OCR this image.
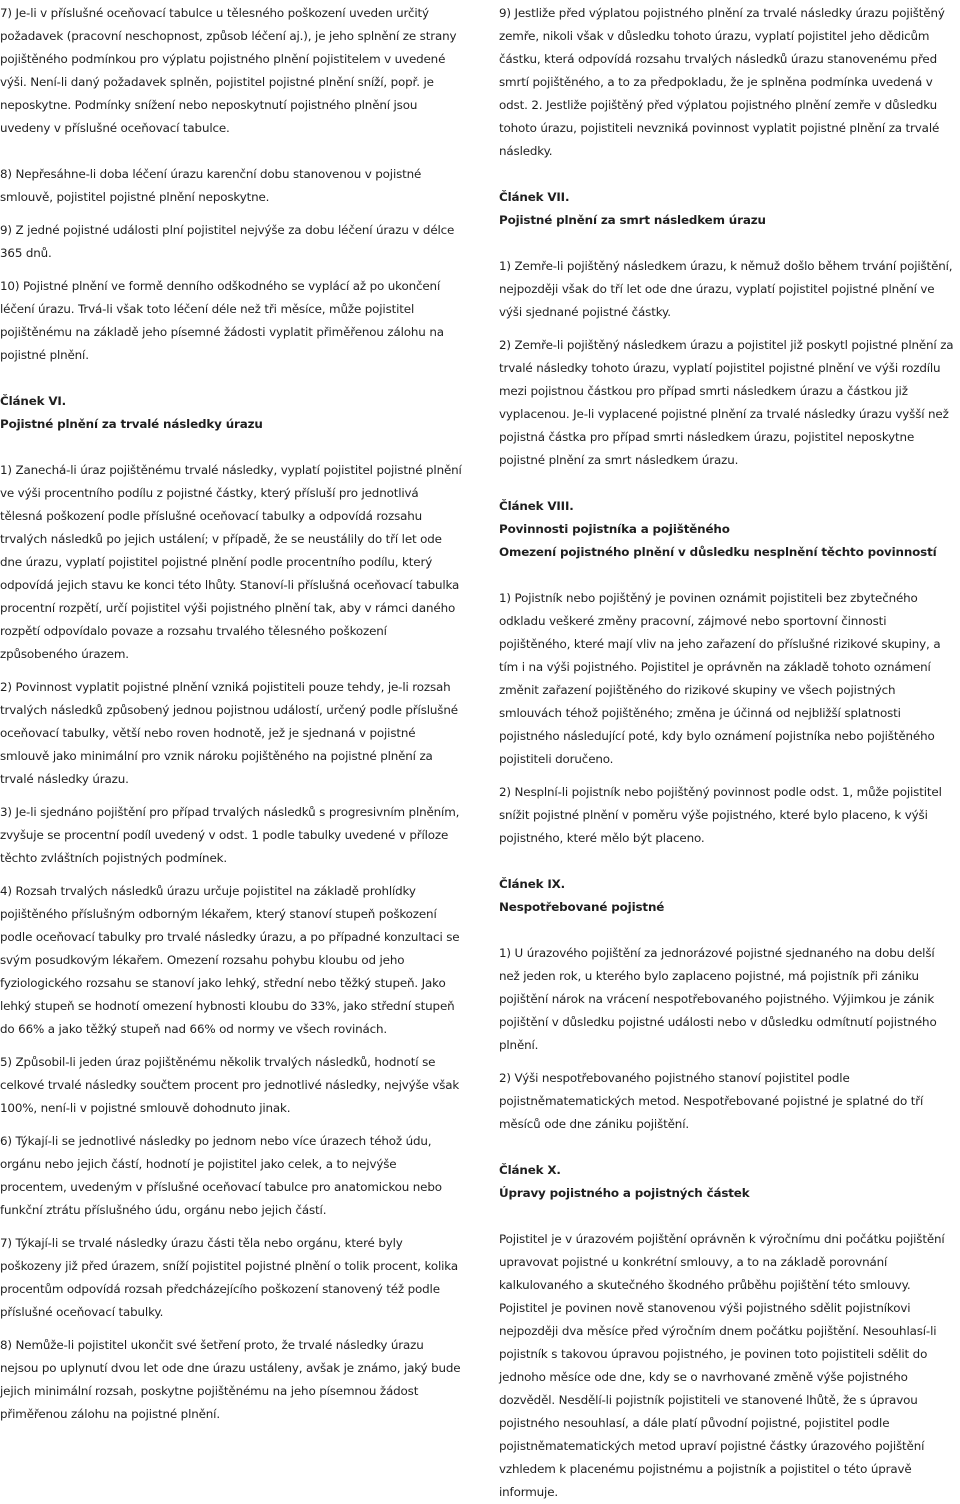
7) Je-li v příslušné oceňovací tabulce u tělesného poškození uveden určitý požadavek (pracovní neschopnost, způsob léčení aj.), je jeho splnění ze strany pojištěného podmínkou pro výplatu pojistného plnění pojistitelem v uvedené výši. Není-li daný požadavek splněn, pojistitel pojistné plnění sníží, popř. je neposkytne. Podmínky snížení nebo neposkytnutí pojistného plnění jsou uvedeny v příslušné oceňovací tabulce.

8) Nepřesáhne-li doba léčení úrazu karenční dobu stanovenou v pojistné smlouvě, pojistitel pojistné plnění neposkytne.

9) Z jedné pojistné události plní pojistitel nejvýše za dobu léčení úrazu v délce 365 dnů.

10) Pojistné plnění ve formě denního odškodného se vyplácí až po ukončení léčení úrazu. Trvá-li však toto léčení déle než tři měsíce, může pojistitel pojištěnému na základě jeho písemné žádosti vyplatit přiměřenou zálohu na pojistné plnění.

Článek VI.
Pojistné plnění za trvalé následky úrazu

1) Zanechá-li úraz pojištěnému trvalé následky, vyplatí pojistitel pojistné plnění ve výši procentního podílu z pojistné částky, který přísluší pro jednotlivá tělesná poškození podle příslušné oceňovací tabulky a odpovídá rozsahu trvalých následků po jejich ustálení; v případě, že se neustálily do tří let ode dne úrazu, vyplatí pojistitel pojistné plnění podle procentního podílu, který odpovídá jejich stavu ke konci této lhůty. Stanoví-li příslušná oceňovací tabulka procentní rozpětí, určí pojistitel výši pojistného plnění tak, aby v rámci daného rozpětí odpovídalo povaze a rozsahu trvalého tělesného poškození způsobeného úrazem.

2) Povinnost vyplatit pojistné plnění vzniká pojistiteli pouze tehdy, je-li rozsah trvalých následků způsobený jednou pojistnou událostí, určený podle příslušné oceňovací tabulky, větší nebo roven hodnotě, jež je sjednaná v pojistné smlouvě jako minimální pro vznik nároku pojištěného na pojistné plnění za trvalé následky úrazu.

3) Je-li sjednáno pojištění pro případ trvalých následků s progresivním plněním, zvyšuje se procentní podíl uvedený v odst. 1 podle tabulky uvedené v příloze těchto zvláštních pojistných podmínek.

4) Rozsah trvalých následků úrazu určuje pojistitel na základě prohlídky pojištěného příslušným odborným lékařem, který stanoví stupeň poškození podle oceňovací tabulky pro trvalé následky úrazu, a po případné konzultaci se svým posudkovým lékařem. Omezení rozsahu pohybu kloubu od jeho fyziologického rozsahu se stanoví jako lehký, střední nebo těžký stupeň. Jako lehký stupeň se hodnotí omezení hybnosti kloubu do 33%, jako střední stupeň do 66% a jako těžký stupeň nad 66% od normy ve všech rovinách.

5) Způsobil-li jeden úraz pojištěnému několik trvalých následků, hodnotí se celkové trvalé následky součtem procent pro jednotlivé následky, nejvýše však 100%, není-li v pojistné smlouvě dohodnuto jinak.

6) Týkají-li se jednotlivé následky po jednom nebo více úrazech téhož údu, orgánu nebo jejich částí, hodnotí je pojistitel jako celek, a to nejvýše procentem, uvedeným v příslušné oceňovací tabulce pro anatomickou nebo funkční ztrátu příslušného údu, orgánu nebo jejich částí.

7) Týkají-li se trvalé následky úrazu části těla nebo orgánu, které byly poškozeny již před úrazem, sníží pojistitel pojistné plnění o tolik procent, kolika procentům odpovídá rozsah předcházejícího poškození stanovený též podle příslušné oceňovací tabulky.

8) Nemůže-li pojistitel ukončit své šetření proto, že trvalé následky úrazu nejsou po uplynutí dvou let ode dne úrazu ustáleny, avšak je známo, jaký bude jejich minimální rozsah, poskytne pojištěnému na jeho písemnou žádost přiměřenou zálohu na pojistné plnění.

9) Jestliže před výplatou pojistného plnění za trvalé následky úrazu pojištěný zemře, nikoli však v důsledku tohoto úrazu, vyplatí pojistitel jeho dědicům částku, která odpovídá rozsahu trvalých následků úrazu stanovenému před smrtí pojištěného, a to za předpokladu, že je splněna podmínka uvedená v odst. 2. Jestliže pojištěný před výplatou pojistného plnění zemře v důsledku tohoto úrazu, pojistiteli nevzniká povinnost vyplatit pojistné plnění za trvalé následky.

Článek VII.
Pojistné plnění za smrt následkem úrazu

1) Zemře-li pojištěný následkem úrazu, k němuž došlo během trvání pojištění, nejpozději však do tří let ode dne úrazu, vyplatí pojistitel pojistné plnění ve výši sjednané pojistné částky.

2) Zemře-li pojištěný následkem úrazu a pojistitel již poskytl pojistné plnění za trvalé následky tohoto úrazu, vyplatí pojistitel pojistné plnění ve výši rozdílu mezi pojistnou částkou pro případ smrti následkem úrazu a částkou již vyplacenou. Je-li vyplacené pojistné plnění za trvalé následky úrazu vyšší než pojistná částka pro případ smrti následkem úrazu, pojistitel neposkytne pojistné plnění za smrt následkem úrazu.

Článek VIII.
Povinnosti pojistníka a pojištěného
Omezení pojistného plnění v důsledku nesplnění těchto povinností

1) Pojistník nebo pojištěný je povinen oznámit pojistiteli bez zbytečného odkladu veškeré změny pracovní, zájmové nebo sportovní činnosti pojištěného, které mají vliv na jeho zařazení do příslušné rizikové skupiny, a tím i na výši pojistného. Pojistitel je oprávněn na základě tohoto oznámení změnit zařazení pojištěného do rizikové skupiny ve všech pojistných smlouvách téhož pojištěného; změna je účinná od nejbližší splatnosti pojistného následující poté, kdy bylo oznámení pojistníka nebo pojištěného pojistiteli doručeno.

2) Nesplní-li pojistník nebo pojištěný povinnost podle odst. 1, může pojistitel snížit pojistné plnění v poměru výše pojistného, které bylo placeno, k výši pojistného, které mělo být placeno.

Článek IX.
Nespotřebované pojistné

1) U úrazového pojištění za jednorázové pojistné sjednaného na dobu delší než jeden rok, u kterého bylo zaplaceno pojistné, má pojistník při zániku pojištění nárok na vrácení nespotřebovaného pojistného. Výjimkou je zánik pojištění v důsledku pojistné události nebo v důsledku odmítnutí pojistného plnění.

2) Výši nespotřebovaného pojistného stanoví pojistitel podle pojistněmatematických metod. Nespotřebované pojistné je splatné do tří měsíců ode dne zániku pojištění.

Článek X.
Úpravy pojistného a pojistných částek

Pojistitel je v úrazovém pojištění oprávněn k výročnímu dni počátku pojištění upravovat pojistné u konkrétní smlouvy, a to na základě porovnání kalkulovaného a skutečného škodného průběhu pojištění této smlouvy. Pojistitel je povinen nově stanovenou výši pojistného sdělit pojistníkovi nejpozději dva měsíce před výročním dnem počátku pojištění. Nesouhlasí-li pojistník s takovou úpravou pojistného, je povinen toto pojistiteli sdělit do jednoho měsíce ode dne, kdy se o navrhované změně výše pojistného dozvěděl. Nesdělí-li pojistník pojistiteli ve stanovené lhůtě, že s úpravou pojistného nesouhlasí, a dále platí původní pojistné, pojistitel podle pojistněmatematických metod upraví pojistné částky úrazového pojištění vzhledem k placenému pojistnému a pojistník a pojistitel o této úpravě informuje.
